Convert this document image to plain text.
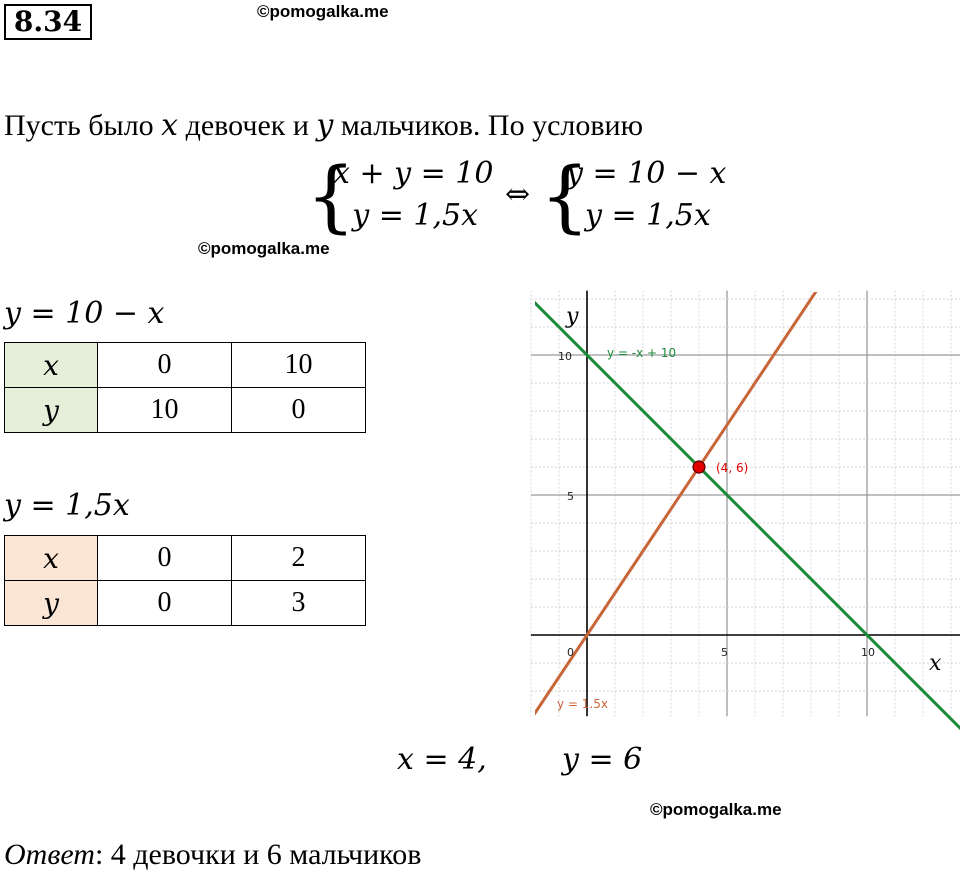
8.34	©pomogalka.me
Пусть было x девочек и y мальчиков. По условию
{
x + y = 10
y = 1,5x
⇔ {
y = 10 − x
y = 1,5x
©pomogalka.me
y = 10 − x
x	0	10
y	10	0
y = 1,5x
x	0	2
y	0	3
0	5	10
5
10
x
y
y = -x + 10
y = 1.5x
(4, 6)
x = 4,	y = 6
©pomogalka.me
Ответ: 4 девочки и 6 мальчиков
